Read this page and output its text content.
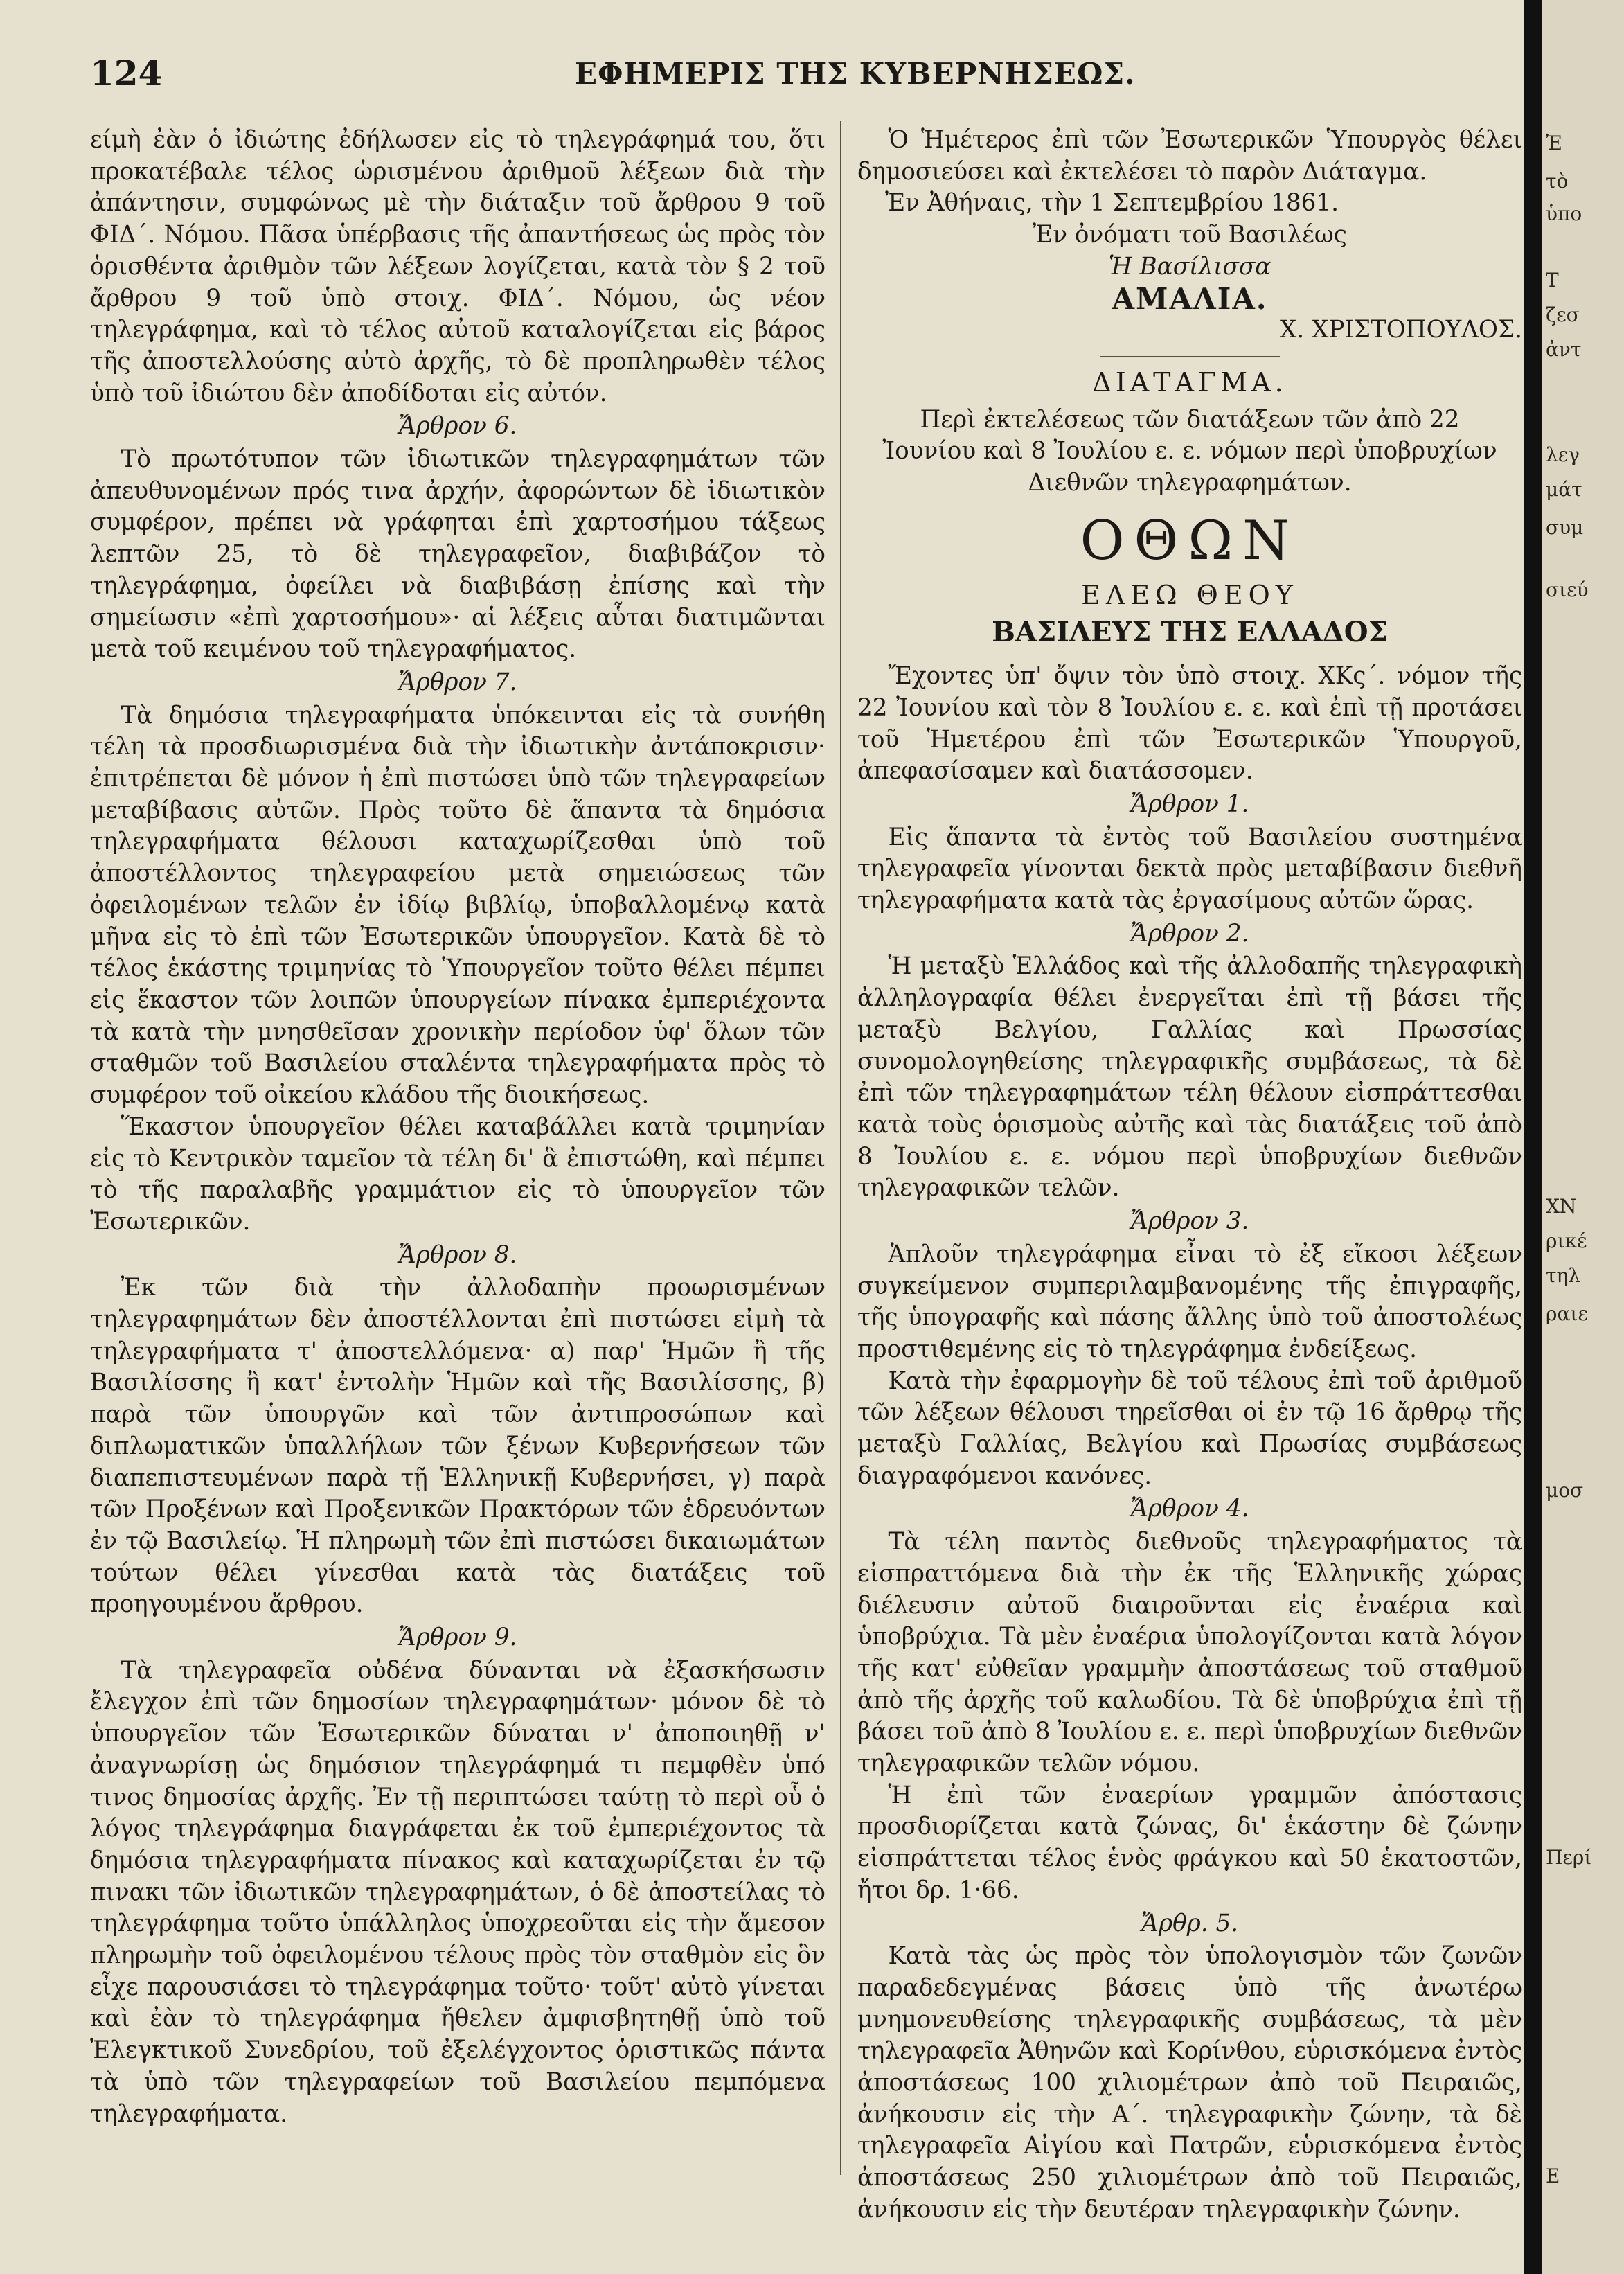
124	ΕΦΗΜΕΡΙΣ ΤΗΣ ΚΥΒΕΡΝΗΣΕΩΣ.

είμὴ ἐὰν ὁ ἰδιώτης ἐδήλωσεν εἰς τὸ τηλεγράφημά του, ὅτι προκατέβαλε τέλος ὡρισμένου ἀριθμοῦ λέξεων διὰ τὴν ἀπάντησιν, συμφώνως μὲ τὴν διάταξιν τοῦ ἄρθρου 9 τοῦ ΦΙΔ΄. Νόμου. Πᾶσα ὑπέρβασις τῆς ἀπαντήσεως ὡς πρὸς τὸν ὁρισθέντα ἀριθμὸν τῶν λέξεων λογίζεται, κατὰ τὸν § 2 τοῦ ἄρθρου 9 τοῦ ὑπὸ στοιχ. ΦΙΔ΄. Νόμου, ὡς νέον τηλεγράφημα, καὶ τὸ τέλος αὐτοῦ καταλογίζεται εἰς βάρος τῆς ἀποστελλούσης αὐτὸ ἀρχῆς, τὸ δὲ προπληρωθὲν τέλος ὑπὸ τοῦ ἰδιώτου δὲν ἀποδίδοται εἰς αὐτόν.

Ἄρθρον 6.

Τὸ πρωτότυπον τῶν ἰδιωτικῶν τηλεγραφημάτων τῶν ἀπευθυνομένων πρός τινα ἀρχήν, ἀφορώντων δὲ ἰδιωτικὸν συμφέρον, πρέπει νὰ γράφηται ἐπὶ χαρτοσήμου τάξεως λεπτῶν 25, τὸ δὲ τηλεγραφεῖον, διαβιβάζον τὸ τηλεγράφημα, ὀφείλει νὰ διαβιβάσῃ ἐπίσης καὶ τὴν σημείωσιν «ἐπὶ χαρτοσήμου»· αἱ λέξεις αὗται διατιμῶνται μετὰ τοῦ κειμένου τοῦ τηλεγραφήματος.

Ἄρθρον 7.

Τὰ δημόσια τηλεγραφήματα ὑπόκεινται εἰς τὰ συνήθη τέλη τὰ προσδιωρισμένα διὰ τὴν ἰδιωτικὴν ἀντάποκρισιν· ἐπιτρέπεται δὲ μόνον ἡ ἐπὶ πιστώσει ὑπὸ τῶν τηλεγραφείων μεταβίβασις αὐτῶν. Πρὸς τοῦτο δὲ ἅπαντα τὰ δημόσια τηλεγραφήματα θέλουσι καταχωρίζεσθαι ὑπὸ τοῦ ἀποστέλλοντος τηλεγραφείου μετὰ σημειώσεως τῶν ὀφειλομένων τελῶν ἐν ἰδίῳ βιβλίῳ, ὑποβαλλομένῳ κατὰ μῆνα εἰς τὸ ἐπὶ τῶν Ἐσωτερικῶν ὑπουργεῖον. Κατὰ δὲ τὸ τέλος ἑκάστης τριμηνίας τὸ Ὑπουργεῖον τοῦτο θέλει πέμπει εἰς ἕκαστον τῶν λοιπῶν ὑπουργείων πίνακα ἐμπεριέχοντα τὰ κατὰ τὴν μνησθεῖσαν χρονικὴν περίοδον ὑφ' ὅλων τῶν σταθμῶν τοῦ Βασιλείου σταλέντα τηλεγραφήματα πρὸς τὸ συμφέρον τοῦ οἰκείου κλάδου τῆς διοικήσεως.

Ἕκαστον ὑπουργεῖον θέλει καταβάλλει κατὰ τριμηνίαν εἰς τὸ Κεντρικὸν ταμεῖον τὰ τέλη δι' ἃ ἐπιστώθη, καὶ πέμπει τὸ τῆς παραλαβῆς γραμμάτιον εἰς τὸ ὑπουργεῖον τῶν Ἐσωτερικῶν.

Ἄρθρον 8.

Ἐκ τῶν διὰ τὴν ἀλλοδαπὴν προωρισμένων τηλεγραφημάτων δὲν ἀποστέλλονται ἐπὶ πιστώσει εἰμὴ τὰ τηλεγραφήματα τ' ἀποστελλόμενα· α) παρ' Ἡμῶν ἢ τῆς Βασιλίσσης ἢ κατ' ἐντολὴν Ἡμῶν καὶ τῆς Βασιλίσσης, β) παρὰ τῶν ὑπουργῶν καὶ τῶν ἀντιπροσώπων καὶ διπλωματικῶν ὑπαλλήλων τῶν ξένων Κυβερνήσεων τῶν διαπεπιστευμένων παρὰ τῇ Ἑλληνικῇ Κυβερνήσει, γ) παρὰ τῶν Προξένων καὶ Προξενικῶν Πρακτόρων τῶν ἑδρευόντων ἐν τῷ Βασιλείῳ. Ἡ πληρωμὴ τῶν ἐπὶ πιστώσει δικαιωμάτων τούτων θέλει γίνεσθαι κατὰ τὰς διατάξεις τοῦ προηγουμένου ἄρθρου.

Ἄρθρον 9.

Τὰ τηλεγραφεῖα οὐδένα δύνανται νὰ ἐξασκήσωσιν ἔλεγχον ἐπὶ τῶν δημοσίων τηλεγραφημάτων· μόνον δὲ τὸ ὑπουργεῖον τῶν Ἐσωτερικῶν δύναται ν' ἀποποιηθῇ ν' ἀναγνωρίσῃ ὡς δημόσιον τηλεγράφημά τι πεμφθὲν ὑπό τινος δημοσίας ἀρχῆς. Ἐν τῇ περιπτώσει ταύτῃ τὸ περὶ οὗ ὁ λόγος τηλεγράφημα διαγράφεται ἐκ τοῦ ἐμπεριέχοντος τὰ δημόσια τηλεγραφήματα πίνακος καὶ καταχωρίζεται ἐν τῷ πινακι τῶν ἰδιωτικῶν τηλεγραφημάτων, ὁ δὲ ἀποστείλας τὸ τηλεγράφημα τοῦτο ὑπάλληλος ὑποχρεοῦται εἰς τὴν ἄμεσον πληρωμὴν τοῦ ὀφειλομένου τέλους πρὸς τὸν σταθμὸν εἰς ὃν εἶχε παρουσιάσει τὸ τηλεγράφημα τοῦτο· τοῦτ' αὐτὸ γίνεται καὶ ἐὰν τὸ τηλεγράφημα ἤθελεν ἀμφισβητηθῇ ὑπὸ τοῦ Ἐλεγκτικοῦ Συνεδρίου, τοῦ ἐξελέγχοντος ὁριστικῶς πάντα τὰ ὑπὸ τῶν τηλεγραφείων τοῦ Βασιλείου πεμπόμενα τηλεγραφήματα.

Ὁ Ἡμέτερος ἐπὶ τῶν Ἐσωτερικῶν Ὑπουργὸς θέλει δημοσιεύσει καὶ ἐκτελέσει τὸ παρὸν Διάταγμα.

Ἐν Ἀθήναις, τὴν 1 Σεπτεμβρίου 1861.

Ἐν ὀνόματι τοῦ Βασιλέως

Ἡ Βασίλισσα

ΑΜΑΛΙΑ.

Χ. ΧΡΙΣΤΟΠΟΥΛΟΣ.

ΔΙΑΤΑΓΜΑ.

Περὶ ἐκτελέσεως τῶν διατάξεων τῶν ἀπὸ 22 Ἰουνίου καὶ 8 Ἰουλίου ε. ε. νόμων περὶ ὑποβρυχίων Διεθνῶν τηλεγραφημάτων.

ΟΘΩΝ

ΕΛΕΩ ΘΕΟΥ

ΒΑΣΙΛΕΥΣ ΤΗΣ ΕΛΛΑΔΟΣ

Ἔχοντες ὑπ' ὄψιν τὸν ὑπὸ στοιχ. ΧΚς΄. νόμον τῆς 22 Ἰουνίου καὶ τὸν 8 Ἰουλίου ε. ε. καὶ ἐπὶ τῇ προτάσει τοῦ Ἡμετέρου ἐπὶ τῶν Ἐσωτερικῶν Ὑπουργοῦ, ἀπεφασίσαμεν καὶ διατάσσομεν.

Ἄρθρον 1.

Εἰς ἅπαντα τὰ ἐντὸς τοῦ Βασιλείου συστημένα τηλεγραφεῖα γίνονται δεκτὰ πρὸς μεταβίβασιν διεθνῆ τηλεγραφήματα κατὰ τὰς ἐργασίμους αὐτῶν ὥρας.

Ἄρθρον 2.

Ἡ μεταξὺ Ἑλλάδος καὶ τῆς ἀλλοδαπῆς τηλεγραφικὴ ἀλληλογραφία θέλει ἐνεργεῖται ἐπὶ τῇ βάσει τῆς μεταξὺ Βελγίου, Γαλλίας καὶ Πρωσσίας συνομολογηθείσης τηλεγραφικῆς συμβάσεως, τὰ δὲ ἐπὶ τῶν τηλεγραφημάτων τέλη θέλουν εἰσπράττεσθαι κατὰ τοὺς ὁρισμοὺς αὐτῆς καὶ τὰς διατάξεις τοῦ ἀπὸ 8 Ἰουλίου ε. ε. νόμου περὶ ὑποβρυχίων διεθνῶν τηλεγραφικῶν τελῶν.

Ἄρθρον 3.

Ἁπλοῦν τηλεγράφημα εἶναι τὸ ἐξ εἴκοσι λέξεων συγκείμενον συμπεριλαμβανομένης τῆς ἐπιγραφῆς, τῆς ὑπογραφῆς καὶ πάσης ἄλλης ὑπὸ τοῦ ἀποστολέως προστιθεμένης εἰς τὸ τηλεγράφημα ἐνδείξεως.

Κατὰ τὴν ἐφαρμογὴν δὲ τοῦ τέλους ἐπὶ τοῦ ἀριθμοῦ τῶν λέξεων θέλουσι τηρεῖσθαι οἱ ἐν τῷ 16 ἄρθρῳ τῆς μεταξὺ Γαλλίας, Βελγίου καὶ Πρωσίας συμβάσεως διαγραφόμενοι κανόνες.

Ἄρθρον 4.

Τὰ τέλη παντὸς διεθνοῦς τηλεγραφήματος τὰ εἰσπραττόμενα διὰ τὴν ἐκ τῆς Ἑλληνικῆς χώρας διέλευσιν αὐτοῦ διαιροῦνται εἰς ἐναέρια καὶ ὑποβρύχια. Τὰ μὲν ἐναέρια ὑπολογίζονται κατὰ λόγον τῆς κατ' εὐθεῖαν γραμμὴν ἀποστάσεως τοῦ σταθμοῦ ἀπὸ τῆς ἀρχῆς τοῦ καλωδίου. Τὰ δὲ ὑποβρύχια ἐπὶ τῇ βάσει τοῦ ἀπὸ 8 Ἰουλίου ε. ε. περὶ ὑποβρυχίων διεθνῶν τηλεγραφικῶν τελῶν νόμου.

Ἡ ἐπὶ τῶν ἐναερίων γραμμῶν ἀπόστασις προσδιορίζεται κατὰ ζώνας, δι' ἑκάστην δὲ ζώνην εἰσπράττεται τέλος ἑνὸς φράγκου καὶ 50 ἑκατοστῶν, ἤτοι δρ. 1·66.

Ἄρθρ. 5.

Κατὰ τὰς ὡς πρὸς τὸν ὑπολογισμὸν τῶν ζωνῶν παραδεδεγμένας βάσεις ὑπὸ τῆς ἀνωτέρω μνημονευθείσης τηλεγραφικῆς συμβάσεως, τὰ μὲν τηλεγραφεῖα Ἀθηνῶν καὶ Κορίνθου, εὑρισκόμενα ἐντὸς ἀποστάσεως 100 χιλιομέτρων ἀπὸ τοῦ Πειραιῶς, ἀνήκουσιν εἰς τὴν Α΄. τηλεγραφικὴν ζώνην, τὰ δὲ τηλεγραφεῖα Αἰγίου καὶ Πατρῶν, εὑρισκόμενα ἐντὸς ἀποστάσεως 250 χιλιομέτρων ἀπὸ τοῦ Πειραιῶς, ἀνήκουσιν εἰς τὴν δευτέραν τηλεγραφικὴν ζώνην.

Ἐ
τὸ
ὑπο
Τ
ζεσ
ἀντ
λεγ
μάτ
συμ
σιεύ
ΧΝ
ρικέ
τηλ
ραιε
μοσ
Περί
Ε
